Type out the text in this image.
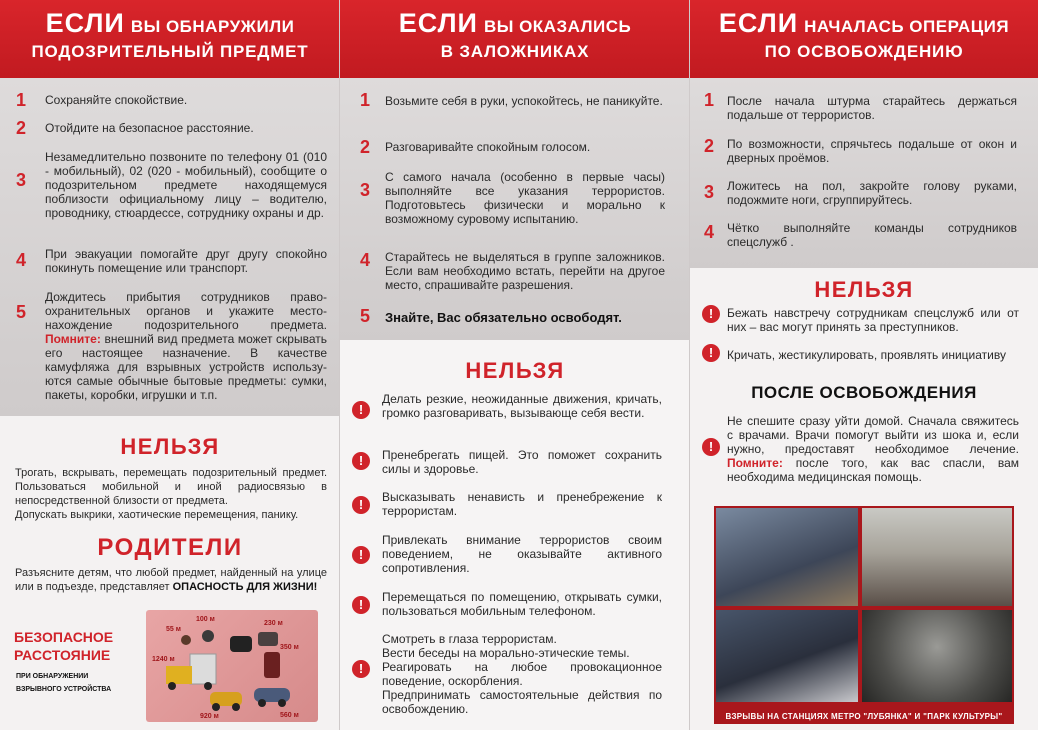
ЕСЛИ ВЫ ОБНАРУЖИЛИ
ПОДОЗРИТЕЛЬНЫЙ ПРЕДМЕТ
1 Сохраняйте спокойствие.
2 Отойдите на безопасное расстояние.
3
Незамедлительно позвоните по телефону 01 (010 - мобильный), 02 (020 - мобильный), сообщите о подозрительном предмете находящемуся поблизости официальному лицу – водителю, проводнику, стюардессе, сотруднику охраны и др.
4 При эвакуации помогайте друг другу спокойно покинуть помещение или транспорт.
5
Дождитесь прибытия сотрудников право-охранительных органов и укажите место-нахождение подозрительного предмета. Помните: внешний вид предмета может скрывать его настоящее назначение. В качестве камуфляжа для взрывных устройств использу-ются самые обычные бытовые предметы: сумки, пакеты, коробки, игрушки и т.п.
НЕЛЬЗЯ
Трогать, вскрывать, перемещать подозрительный предмет. Пользоваться мобильной и иной радиосвязью в непосредственной близости от предмета.
Допускать выкрики, хаотические перемещения, панику.
РОДИТЕЛИ
Разъясните детям, что любой предмет, найденный на улице или в подъезде, представляет ОПАСНОСТЬ ДЛЯ ЖИЗНИ!
БЕЗОПАСНОЕ
РАССТОЯНИЕ
ПРИ ОБНАРУЖЕНИИ
ВЗРЫВНОГО УСТРОЙСТВА
55 м
100 м
230 м
350 м
1240 м
920 м	560 м
ЕСЛИ ВЫ ОКАЗАЛИСЬ
В ЗАЛОЖНИКАХ
1 Возьмите себя в руки, успокойтесь, не паникуйте.
2 Разговаривайте спокойным голосом.
3
С самого начала (особенно в первые часы) выполняйте все указания террористов. Подготовьтесь физически и морально к возможному суровому испытанию.
4 Старайтесь не выделяться в группе заложников. Если вам необходимо встать, перейти на другое место, спрашивайте разрешения.
5 Знайте, Вас обязательно освободят.
НЕЛЬЗЯ
!
Делать резкие, неожиданные движения, кричать, громко разговаривать, вызывающе себя вести.
!	Пренебрегать пищей. Это поможет сохранить силы и здоровье.
!	Высказывать ненависть и пренебрежение к террористам.
!
Привлекать внимание террористов своим поведением, не оказывайте активного сопротивления.
!	Перемещаться по помещению, открывать сумки, пользоваться мобильным телефоном.
!
Смотреть в глаза террористам.
Вести беседы на морально-этические темы.
Реагировать на любое провокационное поведение, оскорбления.
Предпринимать самостоятельные действия по освобождению.
ЕСЛИ НАЧАЛАСЬ ОПЕРАЦИЯ
ПО ОСВОБОЖДЕНИЮ
1 После начала штурма старайтесь держаться подальше от террористов.
2 По возможности, спрячьтесь подальше от окон и дверных проёмов.
3 Ложитесь на пол, закройте голову руками, подожмите ноги, сгруппируйтесь.
4 Чётко выполняйте команды сотрудников спецслужб .
НЕЛЬЗЯ
!	Бежать навстречу сотрудникам спецслужб или от них – вас могут принять за преступников.
!	Кричать, жестикулировать, проявлять инициативу
ПОСЛЕ ОСВОБОЖДЕНИЯ
!
Не спешите сразу уйти домой. Сначала свяжитесь с врачами. Врачи помогут выйти из шока и, если нужно, предоставят необходимое лечение. Помните: после того, как вас спасли, вам необходима медицинская помощь.
ВЗРЫВЫ НА СТАНЦИЯХ МЕТРО "ЛУБЯНКА" И "ПАРК КУЛЬТУРЫ"
